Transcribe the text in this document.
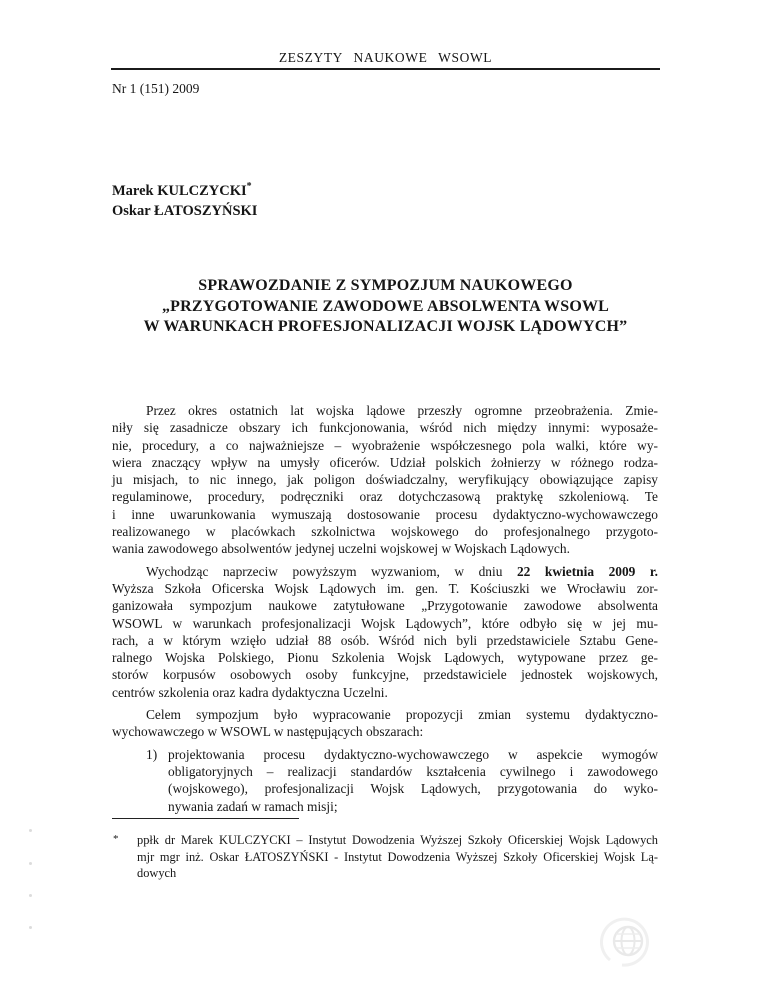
ZESZYTY NAUKOWE WSOWL
Nr 1 (151) 2009
Marek KULCZYCKI*
Oskar ŁATOSZYŃSKI
SPRAWOZDANIE Z SYMPOZJUM NAUKOWEGO
„PRZYGOTOWANIE ZAWODOWE ABSOLWENTA WSOWL
W WARUNKACH PROFESJONALIZACJI WOJSK LĄDOWYCH”
Przez okres ostatnich lat wojska lądowe przeszły ogromne przeobrażenia. Zmie-
niły się zasadnicze obszary ich funkcjonowania, wśród nich między innymi: wyposaże-
nie, procedury, a co najważniejsze – wyobrażenie współczesnego pola walki, które wy-
wiera znaczący wpływ na umysły oficerów. Udział polskich żołnierzy w różnego rodza-
ju misjach, to nic innego, jak poligon doświadczalny, weryfikujący obowiązujące zapisy
regulaminowe, procedury, podręczniki oraz dotychczasową praktykę szkoleniową. Te
i inne uwarunkowania wymuszają dostosowanie procesu dydaktyczno-wychowawczego
realizowanego w placówkach szkolnictwa wojskowego do profesjonalnego przygoto-
wania zawodowego absolwentów jedynej uczelni wojskowej w Wojskach Lądowych.
Wychodząc naprzeciw powyższym wyzwaniom, w dniu 22 kwietnia 2009 r.
Wyższa Szkoła Oficerska Wojsk Lądowych im. gen. T. Kościuszki we Wrocławiu zor-
ganizowała sympozjum naukowe zatytułowane „Przygotowanie zawodowe absolwenta
WSOWL w warunkach profesjonalizacji Wojsk Lądowych”, które odbyło się w jej mu-
rach, a w którym wzięło udział 88 osób. Wśród nich byli przedstawiciele Sztabu Gene-
ralnego Wojska Polskiego, Pionu Szkolenia Wojsk Lądowych, wytypowane przez ge-
storów korpusów osobowych osoby funkcyjne, przedstawiciele jednostek wojskowych,
centrów szkolenia oraz kadra dydaktyczna Uczelni.
Celem sympozjum było wypracowanie propozycji zmian systemu dydaktyczno-
wychowawczego w WSOWL w następujących obszarach:
1) projektowania procesu dydaktyczno-wychowawczego w aspekcie wymogów
obligatoryjnych – realizacji standardów kształcenia cywilnego i zawodowego
(wojskowego), profesjonalizacji Wojsk Lądowych, przygotowania do wyko-
nywania zadań w ramach misji;
* ppłk dr Marek KULCZYCKI – Instytut Dowodzenia Wyższej Szkoły Oficerskiej Wojsk Lądowych
mjr mgr inż. Oskar ŁATOSZYŃSKI - Instytut Dowodzenia Wyższej Szkoły Oficerskiej Wojsk Lą-
dowych
